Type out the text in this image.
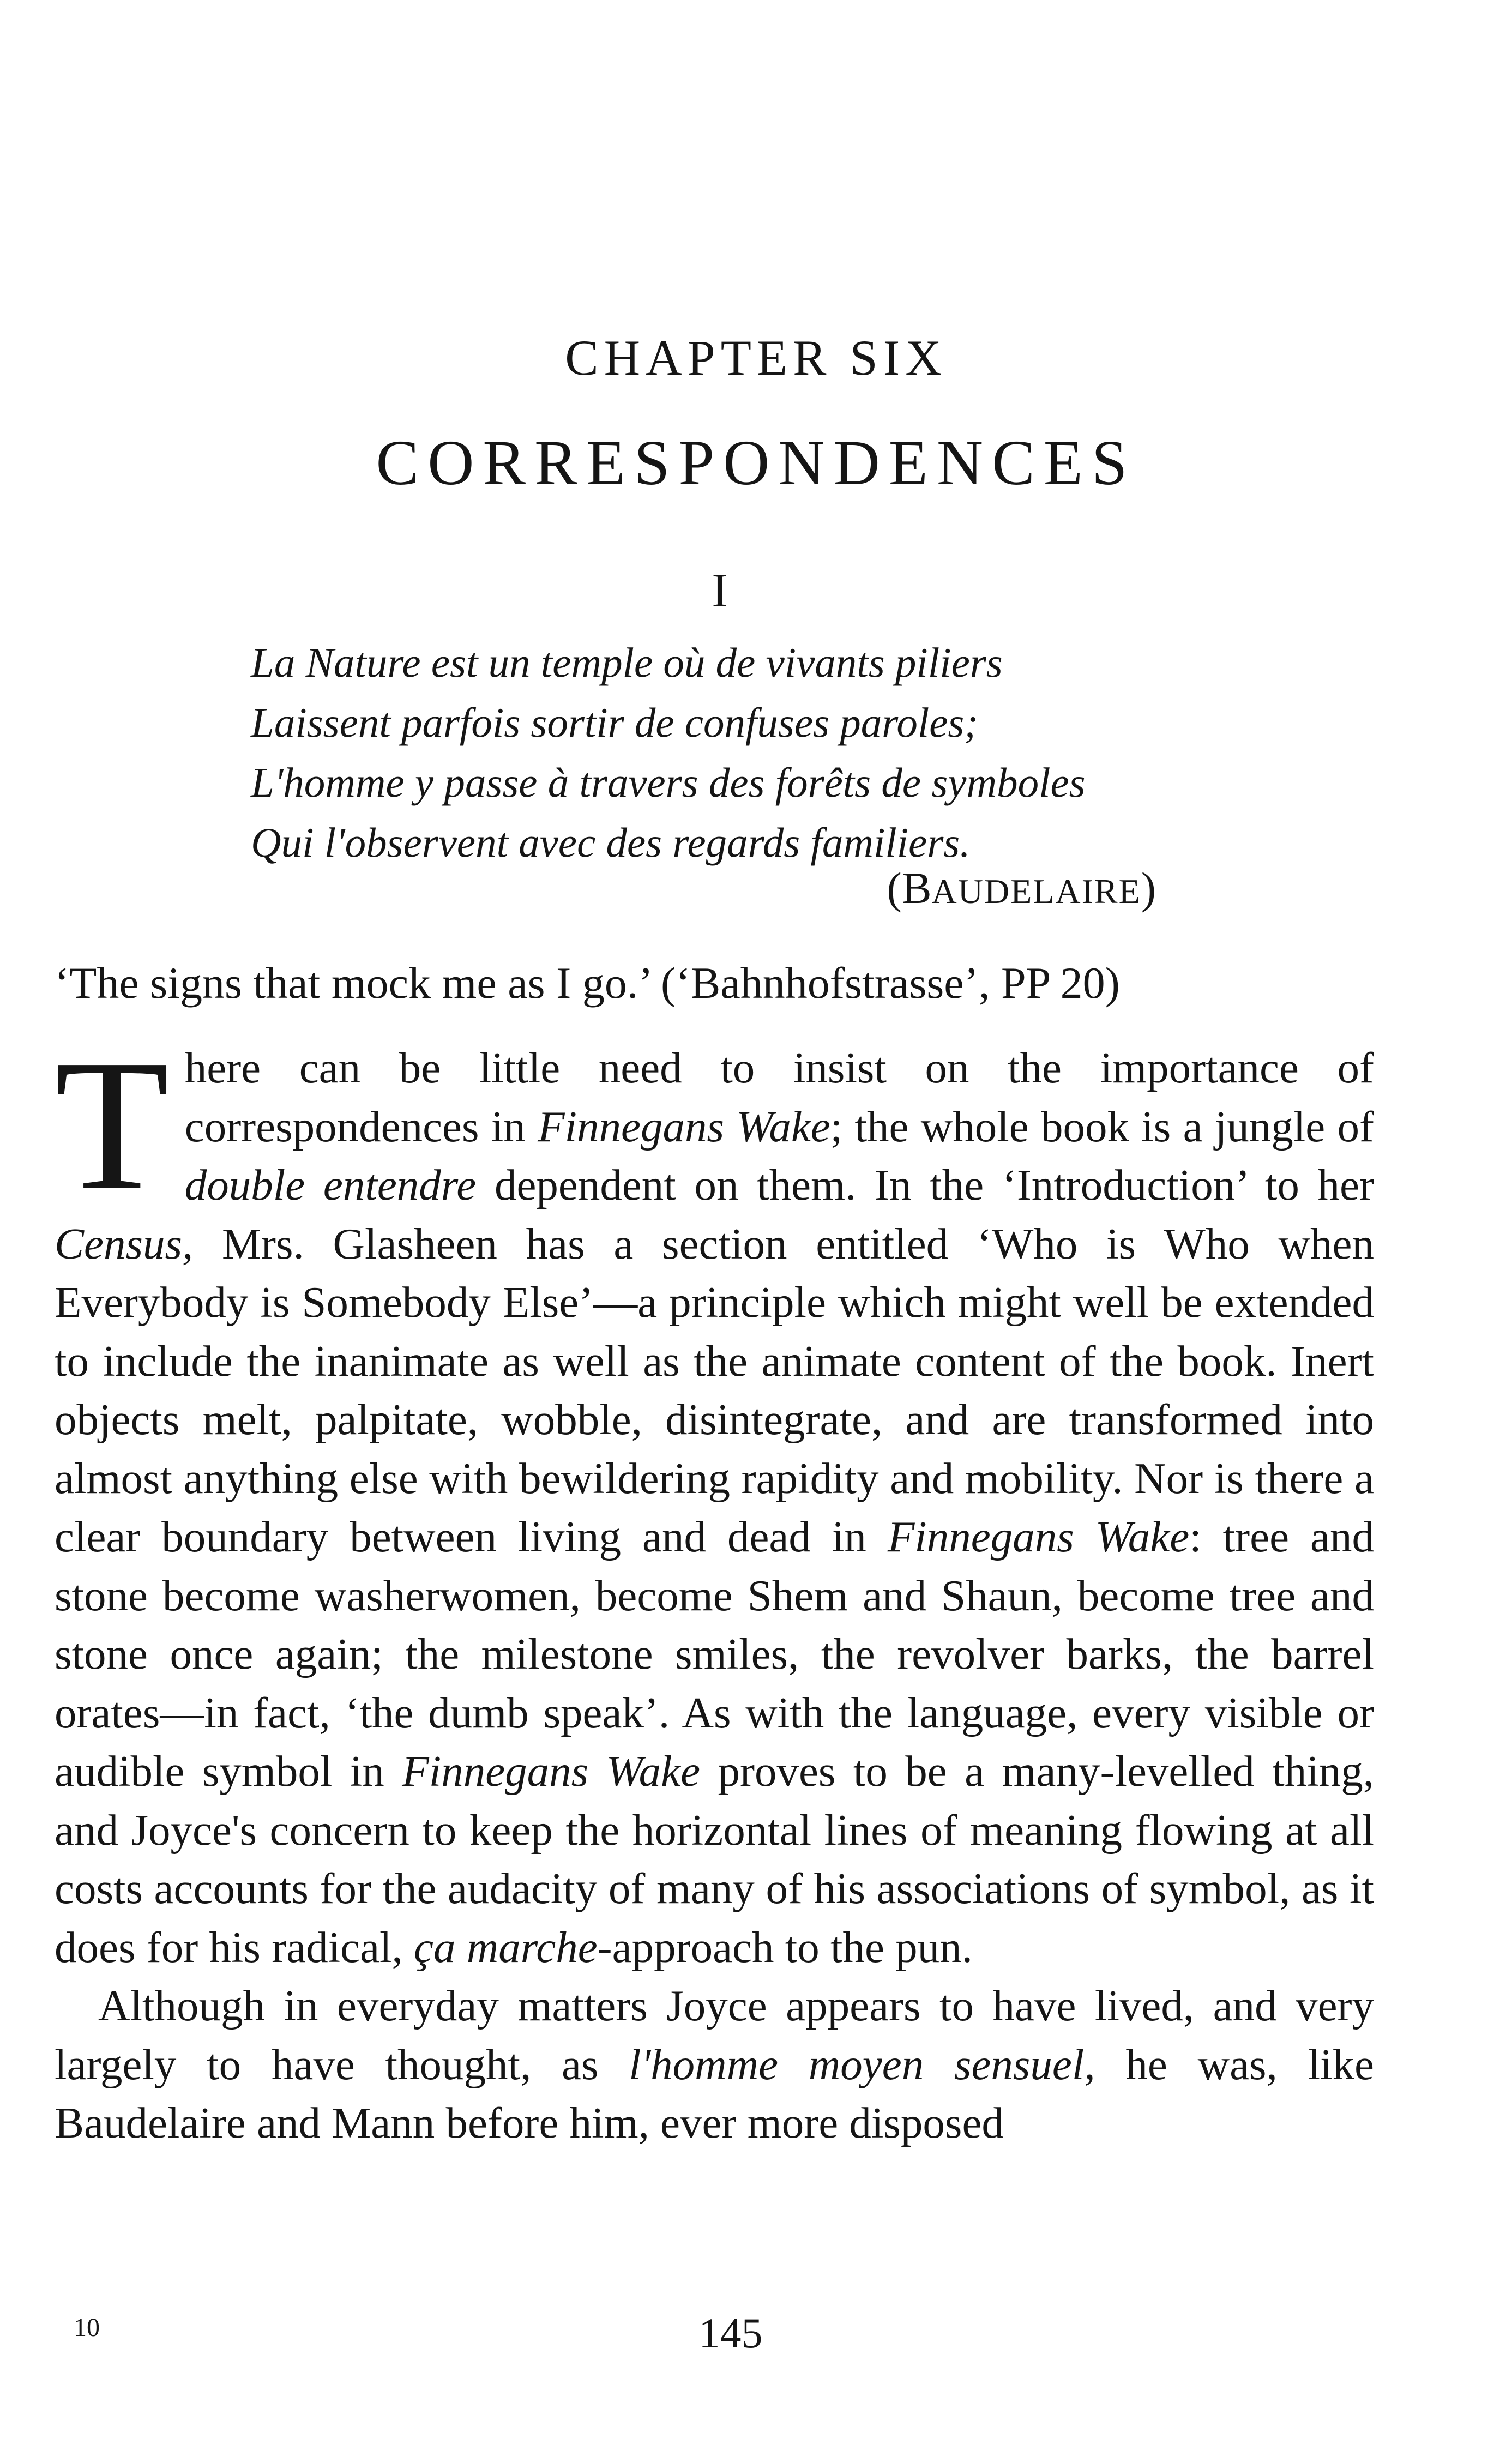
CHAPTER SIX
CORRESPONDENCES
I
La Nature est un temple où de vivants piliers
Laissent parfois sortir de confuses paroles;
L'homme y passe à travers des forêts de symboles
Qui l'observent avec des regards familiers.
(BAUDELAIRE)
‘The signs that mock me as I go.’ (‘Bahnhofstrasse’, PP 20)

There can be little need to insist on the importance of correspondences in Finnegans Wake; the whole book is a jungle of double entendre dependent on them. In the ‘Introduction’ to her Census, Mrs. Glasheen has a section entitled ‘Who is Who when Everybody is Somebody Else’—a principle which might well be extended to include the inanimate as well as the animate content of the book. Inert objects melt, palpitate, wobble, disintegrate, and are transformed into almost anything else with bewildering rapidity and mobility. Nor is there a clear boundary between living and dead in Finnegans Wake: tree and stone become washerwomen, become Shem and Shaun, become tree and stone once again; the milestone smiles, the revolver barks, the barrel orates—in fact, ‘the dumb speak’. As with the language, every visible or audible symbol in Finnegans Wake proves to be a many-levelled thing, and Joyce's concern to keep the horizontal lines of meaning flowing at all costs accounts for the audacity of many of his associations of symbol, as it does for his radical, ça marche-approach to the pun.

Although in everyday matters Joyce appears to have lived, and very largely to have thought, as l'homme moyen sensuel, he was, like Baudelaire and Mann before him, ever more disposed

10	145
